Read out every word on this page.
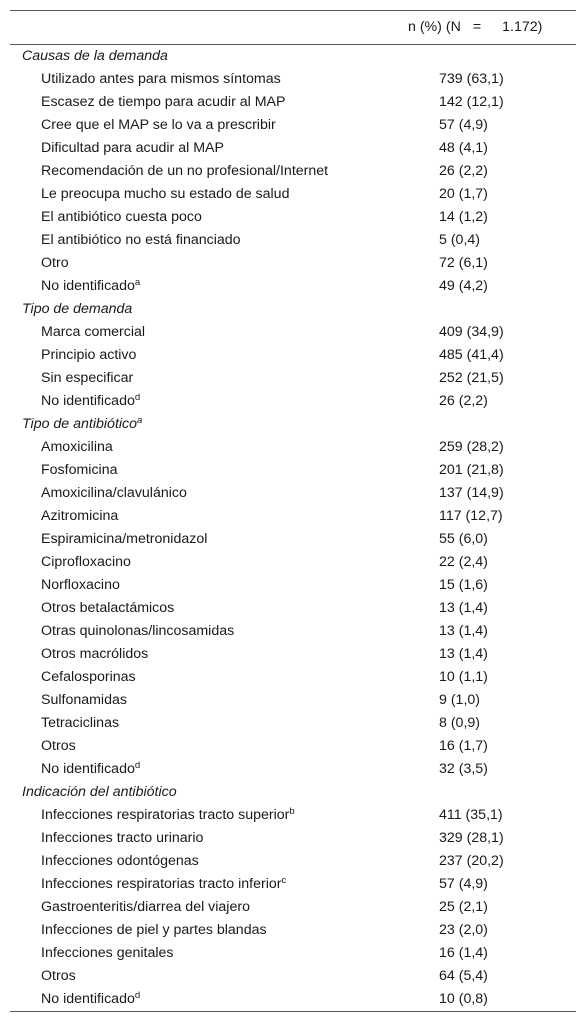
n (%) (N = 1.172)
Causas de la demanda
Utilizado antes para mismos síntomas	739 (63,1)
Escasez de tiempo para acudir al MAP	142 (12,1)
Cree que el MAP se lo va a prescribir	57 (4,9)
Dificultad para acudir al MAP	48 (4,1)
Recomendación de un no profesional/Internet	26 (2,2)
Le preocupa mucho su estado de salud	20 (1,7)
El antibiótico cuesta poco	14 (1,2)
El antibiótico no está financiado	5 (0,4)
Otro	72 (6,1)
No identificado$^a$	49 (4,2)
Tipo de demanda
Marca comercial	409 (34,9)
Principio activo	485 (41,4)
Sin especificar	252 (21,5)
No identificado$^d$	26 (2,2)
Tipo de antibiótico$^a$
Amoxicilina	259 (28,2)
Fosfomicina	201 (21,8)
Amoxicilina/clavulánico	137 (14,9)
Azitromicina	117 (12,7)
Espiramicina/metronidazol	55 (6,0)
Ciprofloxacino	22 (2,4)
Norfloxacino	15 (1,6)
Otros betalactámicos	13 (1,4)
Otras quinolonas/lincosamidas	13 (1,4)
Otros macrólidos	13 (1,4)
Cefalosporinas	10 (1,1)
Sulfonamidas	9 (1,0)
Tetraciclinas	8 (0,9)
Otros	16 (1,7)
No identificado$^d$	32 (3,5)
Indicación del antibiótico
Infecciones respiratorias tracto superior$^b$	411 (35,1)
Infecciones tracto urinario	329 (28,1)
Infecciones odontógenas	237 (20,2)
Infecciones respiratorias tracto inferior$^c$	57 (4,9)
Gastroenteritis/diarrea del viajero	25 (2,1)
Infecciones de piel y partes blandas	23 (2,0)
Infecciones genitales	16 (1,4)
Otros	64 (5,4)
No identificado$^d$	10 (0,8)
